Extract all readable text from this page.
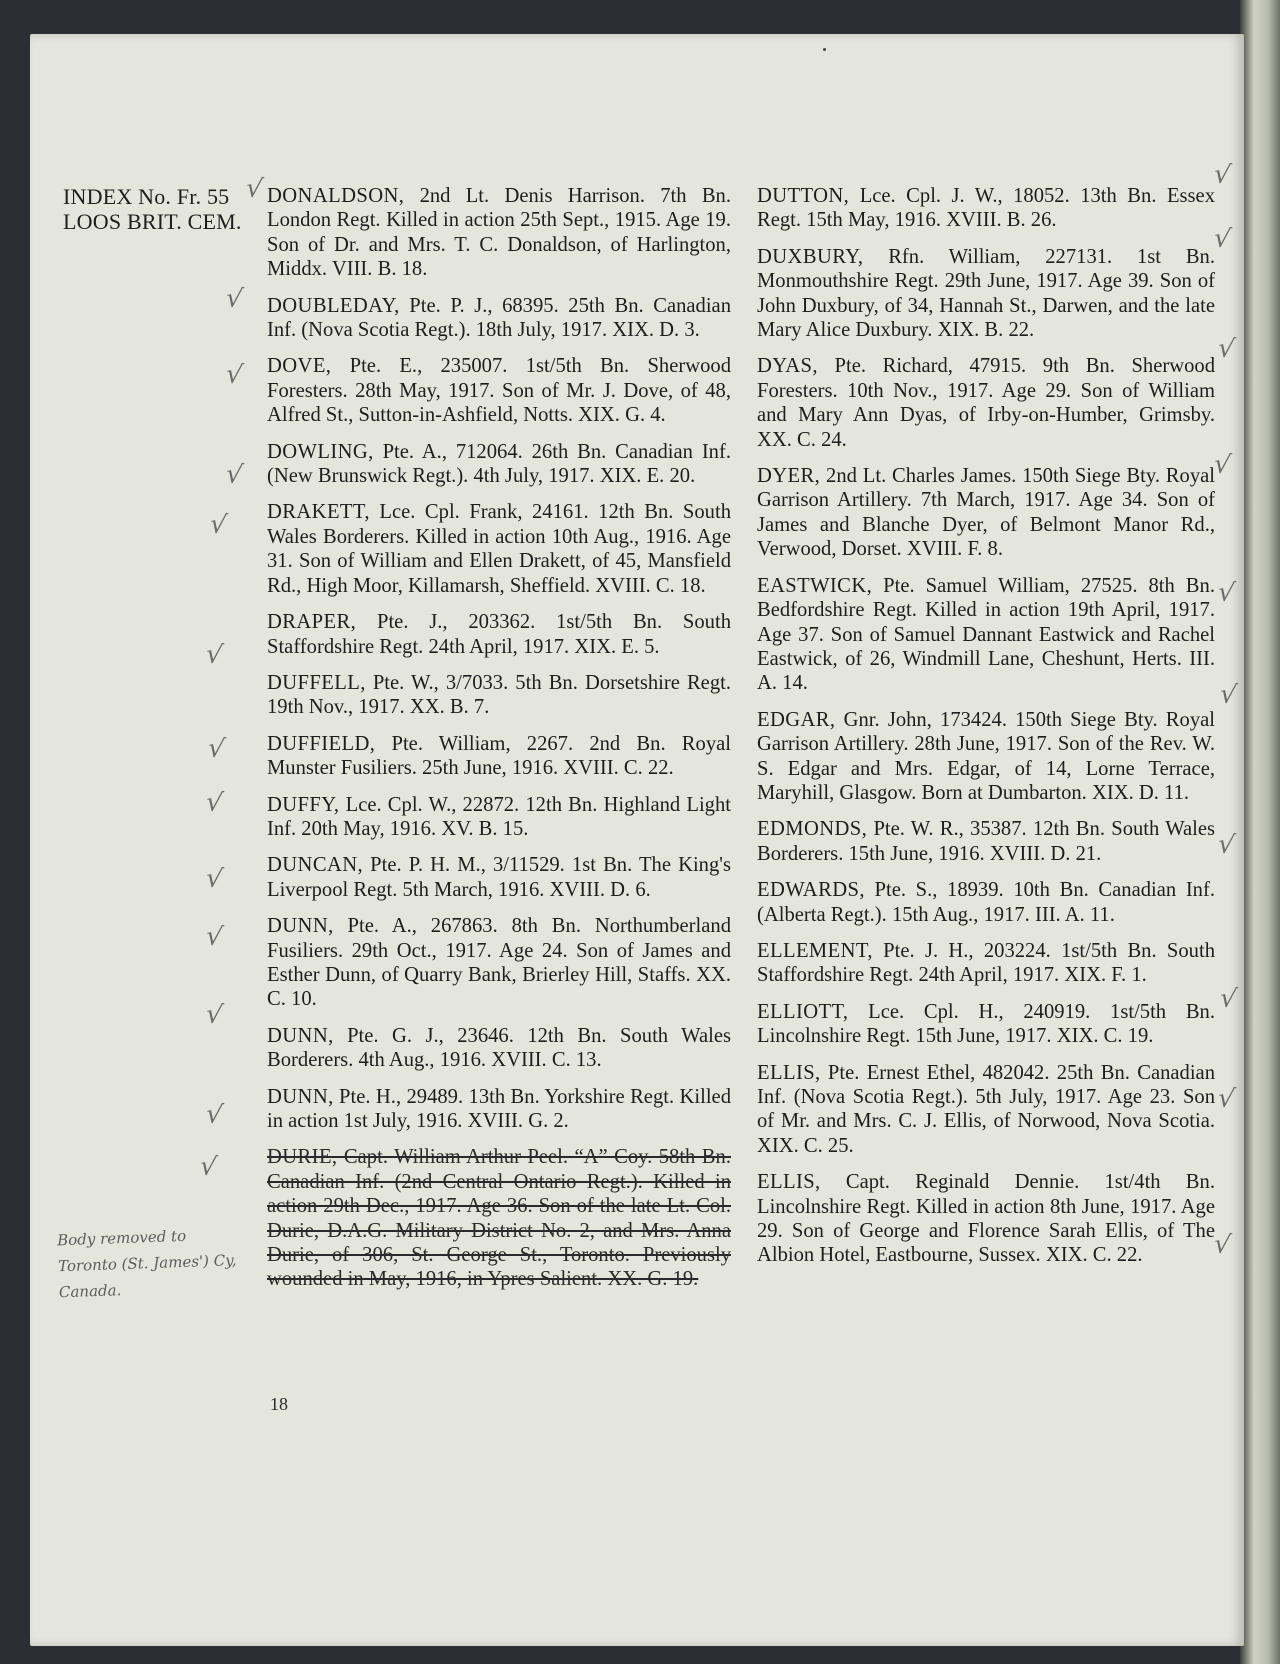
INDEX No. Fr. 55
LOOS BRIT. CEM.
DONALDSON, 2nd Lt. Denis Harrison. 7th Bn. London Regt. Killed in action 25th Sept., 1915. Age 19. Son of Dr. and Mrs. T. C. Donaldson, of Harlington, Middx. VIII. B. 18.
DOUBLEDAY, Pte. P. J., 68395. 25th Bn. Canadian Inf. (Nova Scotia Regt.). 18th July, 1917. XIX. D. 3.
DOVE, Pte. E., 235007. 1st/5th Bn. Sherwood Foresters. 28th May, 1917. Son of Mr. J. Dove, of 48, Alfred St., Sutton-in-Ashfield, Notts. XIX. G. 4.
DOWLING, Pte. A., 712064. 26th Bn. Canadian Inf. (New Brunswick Regt.). 4th July, 1917. XIX. E. 20.
DRAKETT, Lce. Cpl. Frank, 24161. 12th Bn. South Wales Borderers. Killed in action 10th Aug., 1916. Age 31. Son of William and Ellen Drakett, of 45, Mansfield Rd., High Moor, Killamarsh, Sheffield. XVIII. C. 18.
DRAPER, Pte. J., 203362. 1st/5th Bn. South Staffordshire Regt. 24th April, 1917. XIX. E. 5.
DUFFELL, Pte. W., 3/7033. 5th Bn. Dorsetshire Regt. 19th Nov., 1917. XX. B. 7.
DUFFIELD, Pte. William, 2267. 2nd Bn. Royal Munster Fusiliers. 25th June, 1916. XVIII. C. 22.
DUFFY, Lce. Cpl. W., 22872. 12th Bn. Highland Light Inf. 20th May, 1916. XV. B. 15.
DUNCAN, Pte. P. H. M., 3/11529. 1st Bn. The King's Liverpool Regt. 5th March, 1916. XVIII. D. 6.
DUNN, Pte. A., 267863. 8th Bn. Northumberland Fusiliers. 29th Oct., 1917. Age 24. Son of James and Esther Dunn, of Quarry Bank, Brierley Hill, Staffs. XX. C. 10.
DUNN, Pte. G. J., 23646. 12th Bn. South Wales Borderers. 4th Aug., 1916. XVIII. C. 13.
DUNN, Pte. H., 29489. 13th Bn. Yorkshire Regt. Killed in action 1st July, 1916. XVIII. G. 2.
DURIE, Capt. William Arthur Peel. “A” Coy. 58th Bn. Canadian Inf. (2nd Central Ontario Regt.). Killed in action 29th Dec., 1917. Age 36. Son of the late Lt. Col. Durie, D.A.G. Military District No. 2, and Mrs. Anna Durie, of 306, St. George St., Toronto. Previously wounded in May, 1916, in Ypres Salient. XX. G. 19.
DUTTON, Lce. Cpl. J. W., 18052. 13th Bn. Essex Regt. 15th May, 1916. XVIII. B. 26.
DUXBURY, Rfn. William, 227131. 1st Bn. Monmouthshire Regt. 29th June, 1917. Age 39. Son of John Duxbury, of 34, Hannah St., Darwen, and the late Mary Alice Duxbury. XIX. B. 22.
DYAS, Pte. Richard, 47915. 9th Bn. Sherwood Foresters. 10th Nov., 1917. Age 29. Son of William and Mary Ann Dyas, of Irby-on-Humber, Grimsby. XX. C. 24.
DYER, 2nd Lt. Charles James. 150th Siege Bty. Royal Garrison Artillery. 7th March, 1917. Age 34. Son of James and Blanche Dyer, of Belmont Manor Rd., Verwood, Dorset. XVIII. F. 8.
EASTWICK, Pte. Samuel William, 27525. 8th Bn. Bedfordshire Regt. Killed in action 19th April, 1917. Age 37. Son of Samuel Dannant Eastwick and Rachel Eastwick, of 26, Windmill Lane, Cheshunt, Herts. III. A. 14.
EDGAR, Gnr. John, 173424. 150th Siege Bty. Royal Garrison Artillery. 28th June, 1917. Son of the Rev. W. S. Edgar and Mrs. Edgar, of 14, Lorne Terrace, Maryhill, Glasgow. Born at Dumbarton. XIX. D. 11.
EDMONDS, Pte. W. R., 35387. 12th Bn. South Wales Borderers. 15th June, 1916. XVIII. D. 21.
EDWARDS, Pte. S., 18939. 10th Bn. Canadian Inf. (Alberta Regt.). 15th Aug., 1917. III. A. 11.
ELLEMENT, Pte. J. H., 203224. 1st/5th Bn. South Staffordshire Regt. 24th April, 1917. XIX. F. 1.
ELLIOTT, Lce. Cpl. H., 240919. 1st/5th Bn. Lincolnshire Regt. 15th June, 1917. XIX. C. 19.
ELLIS, Pte. Ernest Ethel, 482042. 25th Bn. Canadian Inf. (Nova Scotia Regt.). 5th July, 1917. Age 23. Son of Mr. and Mrs. C. J. Ellis, of Norwood, Nova Scotia. XIX. C. 25.
ELLIS, Capt. Reginald Dennie. 1st/4th Bn. Lincolnshire Regt. Killed in action 8th June, 1917. Age 29. Son of George and Florence Sarah Ellis, of The Albion Hotel, Eastbourne, Sussex. XIX. C. 22.
√
√
√
√
√
√
√
√
√
√
√
√
√
√
√
√
√
√
√
√
√
√
√
Body removed to Toronto (St. James') Cy, Canada.
18
